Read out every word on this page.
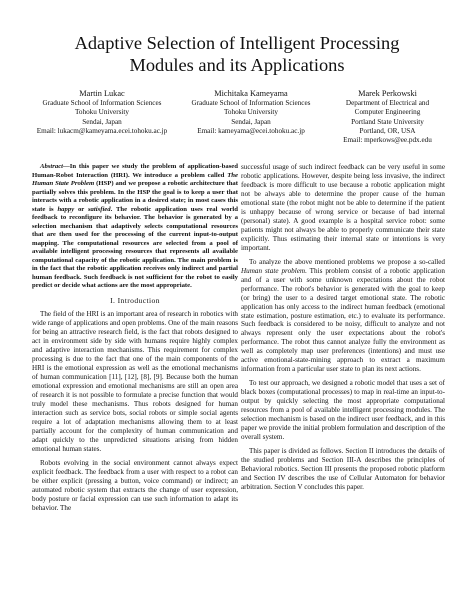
Adaptive Selection of Intelligent Processing
Modules and its Applications
Martin Lukac
Graduate School of Information Sciences
Tohoku University
Sendai, Japan
Email: lukacm@kameyama.ecei.tohoku.ac.jp
Michitaka Kameyama
Graduate School of Information Sciences
Tohoku University
Sendai, Japan
Email: kameyama@ecei.tohoku.ac.jp
Marek Perkowski
Department of Electrical and
Computer Engineering
Portland State University
Portland, OR, USA
Email: mperkows@ee.pdx.edu

Abstract—In this paper we study the problem of application-based Human-Robot Interaction (HRI). We introduce a problem called The Human State Problem (HSP) and we propose a robotic architecture that partially solves this problem. In the HSP the goal is to keep a user that interacts with a robotic application in a desired state; in most cases this state is happy or satisfied. The robotic application uses real world feedback to reconfigure its behavior. The behavior is generated by a selection mechanism that adaptively selects computational resources that are then used for the processing of the current input-to-output mapping. The computational resources are selected from a pool of available intelligent processing resources that represents all available computational capacity of the robotic application. The main problem is in the fact that the robotic application receives only indirect and partial human feedback. Such feedback is not sufficient for the robot to easily predict or decide what actions are the most appropriate.

I. Introduction

The field of the HRI is an important area of research in robotics with wide range of applications and open problems. One of the main reasons for being an attractive research field, is the fact that robots designed to act in environment side by side with humans require highly complex and adaptive interaction mechanisms. This requirement for complex processing is due to the fact that one of the main components of the HRI is the emotional expression as well as the emotional mechanisms of human communication [11], [12], [8], [9]. Because both the human emotional expression and emotional mechanisms are still an open area of research it is not possible to formulate a precise function that would truly model these mechanisms. Thus robots designed for human interaction such as service bots, social robots or simple social agents require a lot of adaptation mechanisms allowing them to at least partially account for the complexity of human communication and adapt quickly to the unpredicted situations arising from hidden emotional human states.

Robots evolving in the social environment cannot always expect explicit feedback. The feedback from a user with respect to a robot can be either explicit (pressing a button, voice command) or indirect; an automated robotic system that extracts the change of user expression, body posture or facial expression can use such information to adapt its behavior. The

successful usage of such indirect feedback can be very useful in some robotic applications. However, despite being less invasive, the indirect feedback is more difficult to use because a robotic application might not be always able to determine the proper cause of the human emotional state (the robot might not be able to determine if the patient is unhappy because of wrong service or because of bad internal (personal) state). A good example is a hospital service robot: some patients might not always be able to properly communicate their state explicitly. Thus estimating their internal state or intentions is very important.

To analyze the above mentioned problems we propose a so-called Human state problem. This problem consist of a robotic application and of a user with some unknown expectations about the robot performance. The robot's behavior is generated with the goal to keep (or bring) the user to a desired target emotional state. The robotic application has only access to the indirect human feedback (emotional state estimation, posture estimation, etc.) to evaluate its performance. Such feedback is considered to be noisy, difficult to analyze and not always represent only the user expectations about the robot's performance. The robot thus cannot analyze fully the environment as well as completely map user preferences (intentions) and must use active emotional-state-mining approach to extract a maximum information from a particular user state to plan its next actions.

To test our approach, we designed a robotic model that uses a set of black boxes (computational processes) to map in real-time an input-to-output by quickly selecting the most appropriate computational resources from a pool of available intelligent processing modules. The selection mechanism is based on the indirect user feedback, and in this paper we provide the initial problem formulation and description of the overall system.

This paper is divided as follows. Section II introduces the details of the studied problems and Section III-A describes the principles of Behavioral robotics. Section III presents the proposed robotic platform and Section IV describes the use of Cellular Automaton for behavior arbitration. Section V concludes this paper.
